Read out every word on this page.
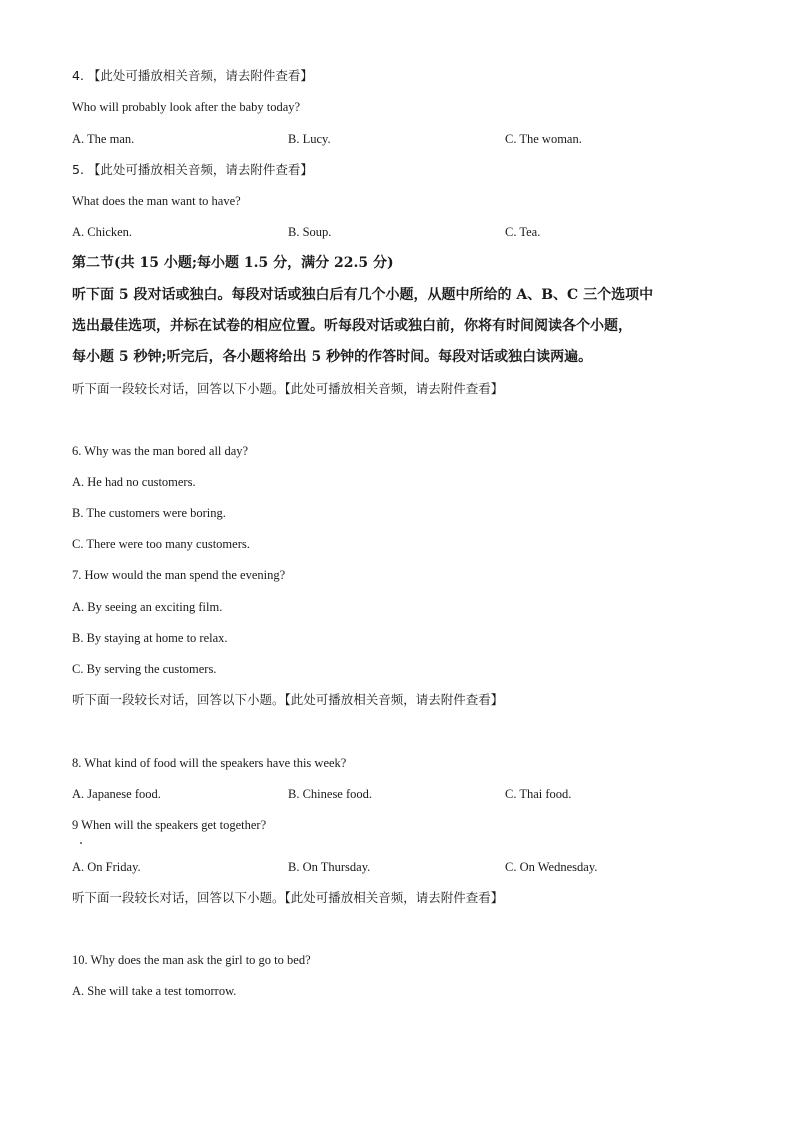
4. 【此处可播放相关音频，请去附件查看】
Who will probably look after the baby today?
A. The man.	B. Lucy.	C. The woman.
5. 【此处可播放相关音频，请去附件查看】
What does the man want to have?
A. Chicken.	B. Soup.	C. Tea.
第二节(共 15 小题;每小题 1.5 分，满分 22.5 分)
听下面 5 段对话或独白。每段对话或独白后有几个小题，从题中所给的 A、B、C 三个选项中
选出最佳选项，并标在试卷的相应位置。听每段对话或独白前，你将有时间阅读各个小题，
每小题 5 秒钟;听完后，各小题将给出 5 秒钟的作答时间。每段对话或独白读两遍。
听下面一段较长对话，回答以下小题。【此处可播放相关音频，请去附件查看】
6. Why was the man bored all day?
A. He had no customers.
B. The customers were boring.
C. There were too many customers.
7. How would the man spend the evening?
A. By seeing an exciting film.
B. By staying at home to relax.
C. By serving the customers.
听下面一段较长对话，回答以下小题。【此处可播放相关音频，请去附件查看】
8. What kind of food will the speakers have this week?
A. Japanese food.	B. Chinese food.	C. Thai food.
9 When will the speakers get together?
A. On Friday.	B. On Thursday.	C. On Wednesday.
听下面一段较长对话，回答以下小题。【此处可播放相关音频，请去附件查看】
10. Why does the man ask the girl to go to bed?
A. She will take a test tomorrow.
